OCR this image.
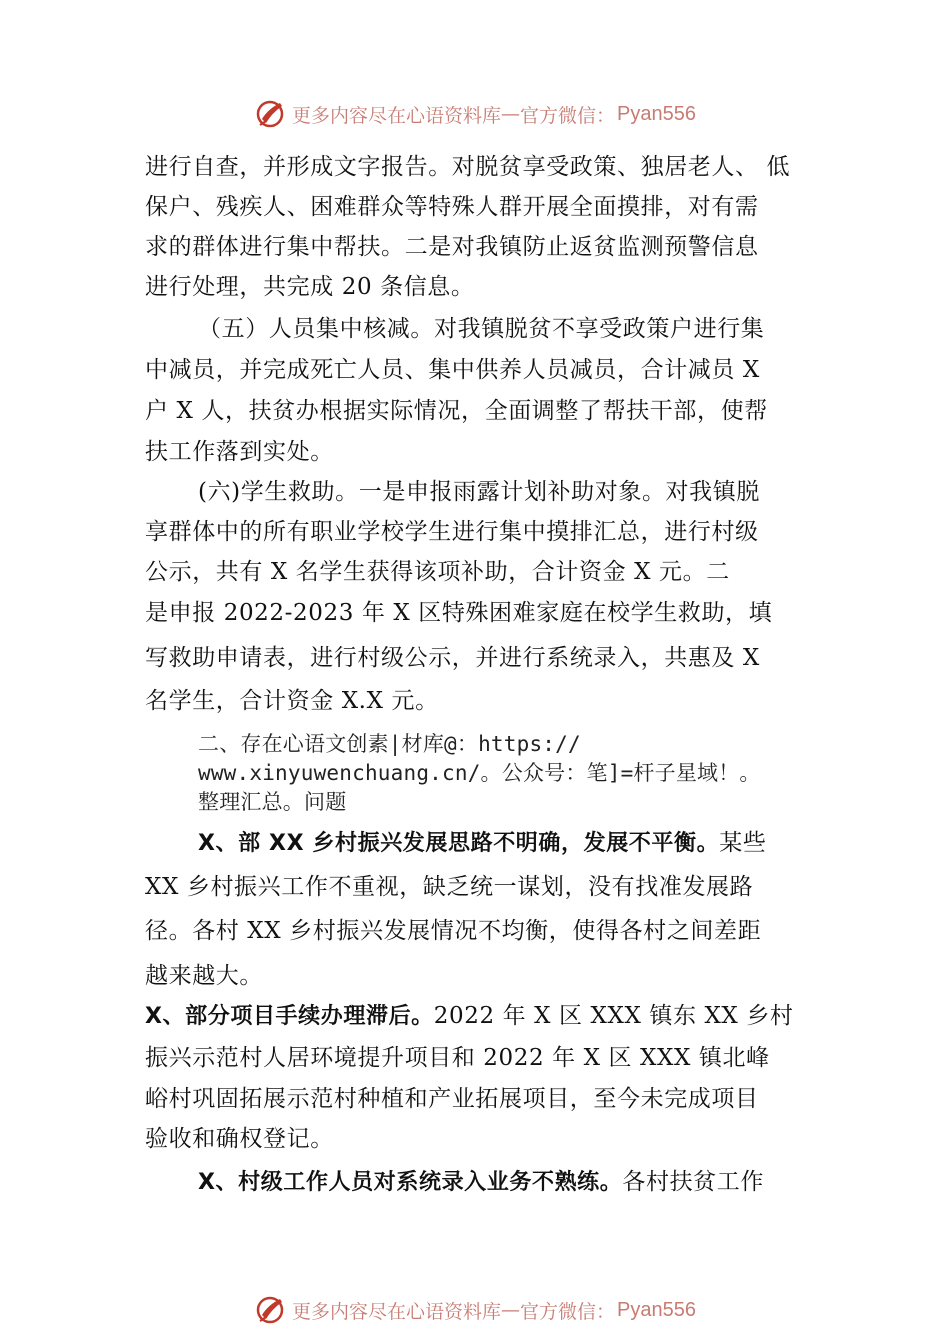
更多内容尽在心语资料库 — 官方微信： Pyan556
进行自查，并形成文字报告。对脱贫享受政策、独居老人、 低
保户、残疾人、困难群众等特殊人群开展全面摸排，对有需
求的群体进行集中帮扶。二是对我镇防止返贫监测预警信息
进行处理，共完成 20 条信息。
（五）人员集中核减。对我镇脱贫不享受政策户进行集
中减员，并完成死亡人员、集中供养人员减员，合计减员 X
户 X 人，扶贫办根据实际情况，全面调整了帮扶干部，使帮
扶工作落到实处。
(六)学生救助。一是申报雨露计划补助对象。对我镇脱
享群体中的所有职业学校学生进行集中摸排汇总，进行村级
公示，共有 X 名学生获得该项补助，合计资金 X 元。二
是申报 2022-2023 年 X 区特殊困难家庭在校学生救助，填
写救助申请表，进行村级公示，并进行系统录入，共惠及 X
名学生，合计资金 X.X 元。
二、存在心语文创素|材库@：https://
www.xinyuwenchuang.cn/。公众号：笔]=杆子星域！。
整理汇总。问题
X、部 XX 乡村振兴发展思路不明确，发展不平衡。某些
XX 乡村振兴工作不重视，缺乏统一谋划，没有找准发展路
径。各村 XX 乡村振兴发展情况不均衡，使得各村之间差距
越来越大。
X、部分项目手续办理滞后。2022 年 X 区 XXX 镇东 XX 乡村
振兴示范村人居环境提升项目和 2022 年 X 区 XXX 镇北峰
峪村巩固拓展示范村种植和产业拓展项目，至今未完成项目
验收和确权登记。
X、村级工作人员对系统录入业务不熟练。各村扶贫工作
更多内容尽在心语资料库 — 官方微信： Pyan556
